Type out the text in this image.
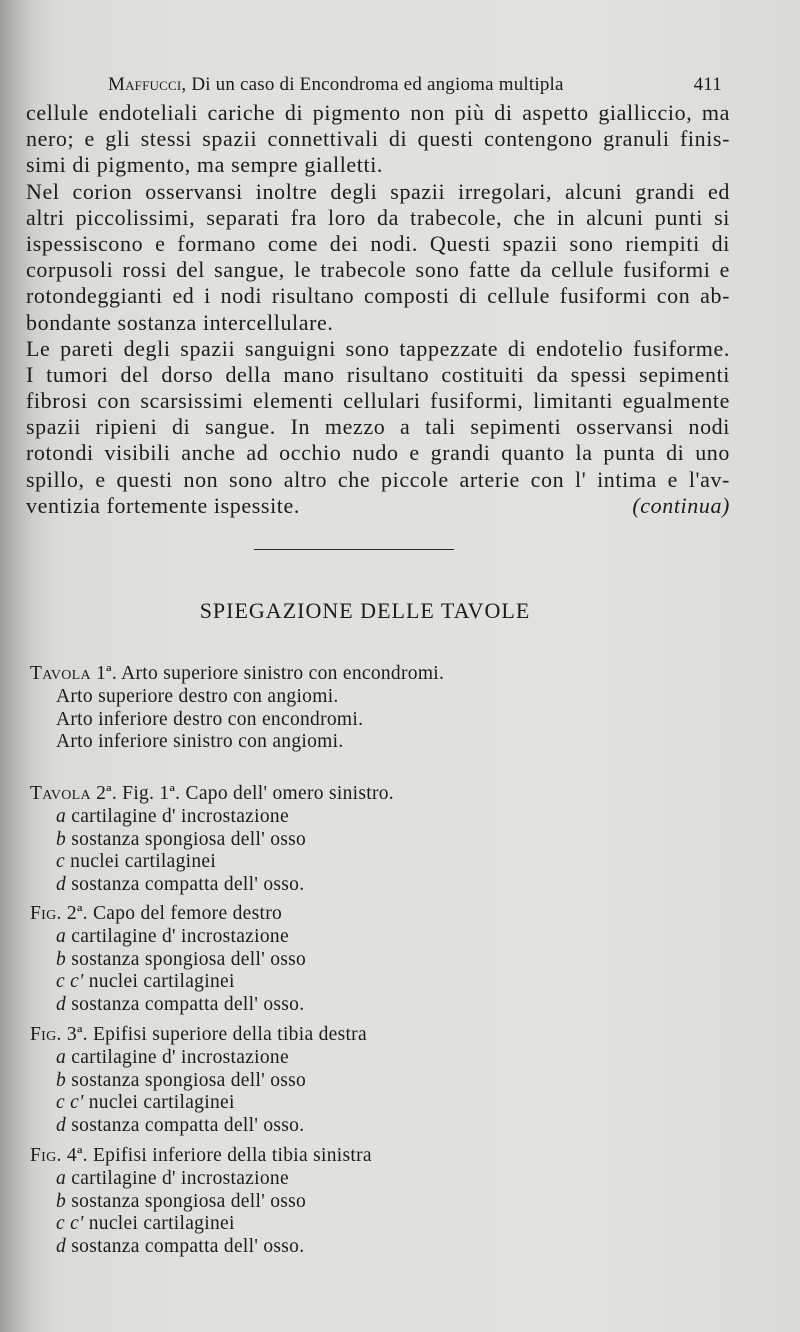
Maffucci, Di un caso di Encondroma ed angioma multipla	411
cellule endoteliali cariche di pigmento non più di aspetto gialliccio, ma
nero; e gli stessi spazii connettivali di questi contengono granuli finis-
simi di pigmento, ma sempre gialletti.
Nel corion osservansi inoltre degli spazii irregolari, alcuni grandi ed
altri piccolissimi, separati fra loro da trabecole, che in alcuni punti si
ispessiscono e formano come dei nodi. Questi spazii sono riempiti di
corpusoli rossi del sangue, le trabecole sono fatte da cellule fusiformi e
rotondeggianti ed i nodi risultano composti di cellule fusiformi con ab-
bondante sostanza intercellulare.
Le pareti degli spazii sanguigni sono tappezzate di endotelio fusiforme.
I tumori del dorso della mano risultano costituiti da spessi sepimenti
fibrosi con scarsissimi elementi cellulari fusiformi, limitanti egualmente
spazii ripieni di sangue. In mezzo a tali sepimenti osservansi nodi
rotondi visibili anche ad occhio nudo e grandi quanto la punta di uno
spillo, e questi non sono altro che piccole arterie con l' intima e l'av-
ventizia fortemente ispessite.	(continua)
SPIEGAZIONE DELLE TAVOLE
Tavola 1ª. Arto superiore sinistro con encondromi.
Arto superiore destro con angiomi.
Arto inferiore destro con encondromi.
Arto inferiore sinistro con angiomi.
Tavola 2ª. Fig. 1ª. Capo dell' omero sinistro.
a cartilagine d' incrostazione
b sostanza spongiosa dell' osso
c nuclei cartilaginei
d sostanza compatta dell' osso.
Fig. 2ª. Capo del femore destro
a cartilagine d' incrostazione
b sostanza spongiosa dell' osso
c c' nuclei cartilaginei
d sostanza compatta dell' osso.
Fig. 3ª. Epifisi superiore della tibia destra
a cartilagine d' incrostazione
b sostanza spongiosa dell' osso
c c' nuclei cartilaginei
d sostanza compatta dell' osso.
Fig. 4ª. Epifisi inferiore della tibia sinistra
a cartilagine d' incrostazione
b sostanza spongiosa dell' osso
c c' nuclei cartilaginei
d sostanza compatta dell' osso.
